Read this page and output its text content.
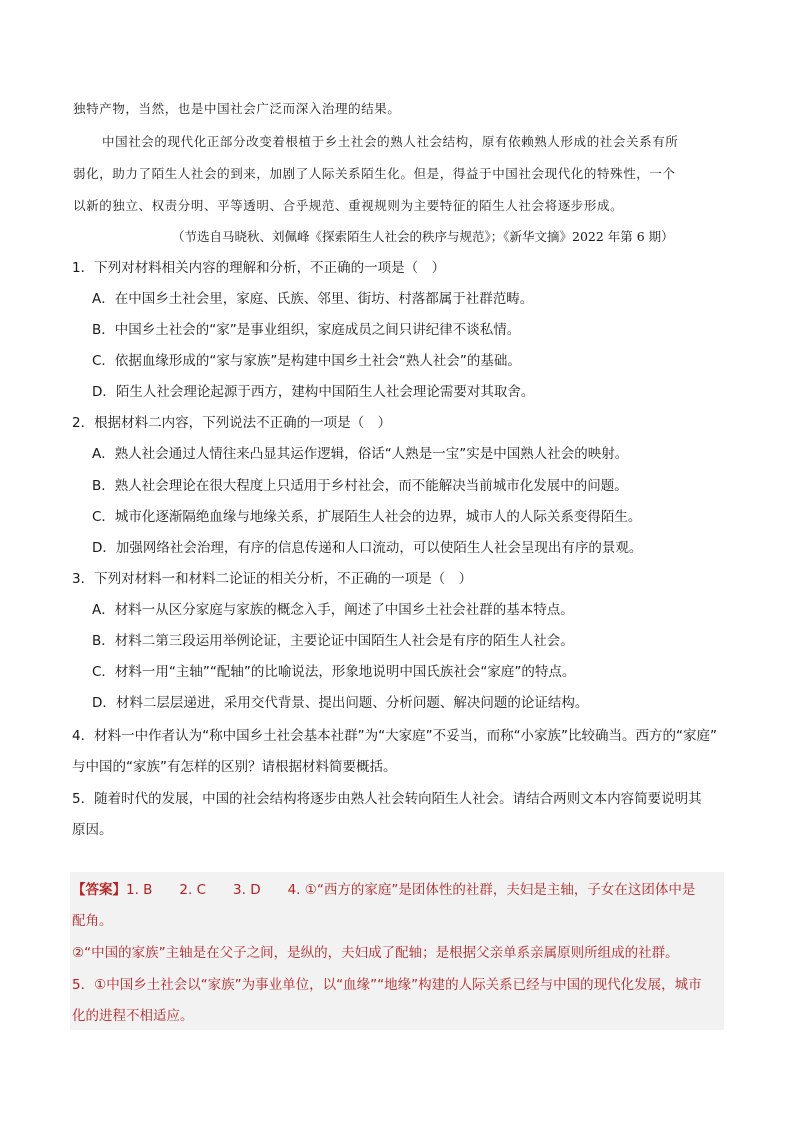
独特产物，当然，也是中国社会广泛而深入治理的结果。
中国社会的现代化正部分改变着根植于乡土社会的熟人社会结构，原有依赖熟人形成的社会关系有所
弱化，助力了陌生人社会的到来，加剧了人际关系陌生化。但是，得益于中国社会现代化的特殊性，一个
以新的独立、权责分明、平等透明、合乎规范、重视规则为主要特征的陌生人社会将逐步形成。
（节选自马晓秋、刘佩峰《探索陌生人社会的秩序与规范》；《新华文摘》2022 年第 6 期）
1．下列对材料相关内容的理解和分析，不正确的一项是（　）
A．在中国乡土社会里，家庭、氏族、邻里、街坊、村落都属于社群范畴。
B．中国乡土社会的“家”是事业组织，家庭成员之间只讲纪律不谈私情。
C．依据血缘形成的“家与家族”是构建中国乡土社会“熟人社会”的基础。
D．陌生人社会理论起源于西方，建构中国陌生人社会理论需要对其取舍。
2．根据材料二内容，下列说法不正确的一项是（　）
A．熟人社会通过人情往来凸显其运作逻辑，俗话“人熟是一宝”实是中国熟人社会的映射。
B．熟人社会理论在很大程度上只适用于乡村社会，而不能解决当前城市化发展中的问题。
C．城市化逐渐隔绝血缘与地缘关系，扩展陌生人社会的边界，城市人的人际关系变得陌生。
D．加强网络社会治理，有序的信息传递和人口流动，可以使陌生人社会呈现出有序的景观。
3．下列对材料一和材料二论证的相关分析，不正确的一项是（　）
A．材料一从区分家庭与家族的概念入手，阐述了中国乡土社会社群的基本特点。
B．材料二第三段运用举例论证，主要论证中国陌生人社会是有序的陌生人社会。
C．材料一用“主轴”“配轴”的比喻说法，形象地说明中国氏族社会“家庭”的特点。
D．材料二层层递进，采用交代背景、提出问题、分析问题、解决问题的论证结构。
4．材料一中作者认为“称中国乡土社会基本社群”为“大家庭”不妥当，而称“小家族”比较确当。西方的“家庭”
与中国的“家族”有怎样的区别？请根据材料简要概括。
5．随着时代的发展，中国的社会结构将逐步由熟人社会转向陌生人社会。请结合两则文本内容简要说明其
原因。
【答案】1. B　　2. C　　3. D　　4. ①“西方的家庭”是团体性的社群，夫妇是主轴，子女在这团体中是
配角。
②“中国的家族”主轴是在父子之间，是纵的，夫妇成了配轴；是根据父亲单系亲属原则所组成的社群。
5．①中国乡土社会以“家族”为事业单位，以“血缘”“地缘”构建的人际关系已经与中国的现代化发展，城市
化的进程不相适应。
